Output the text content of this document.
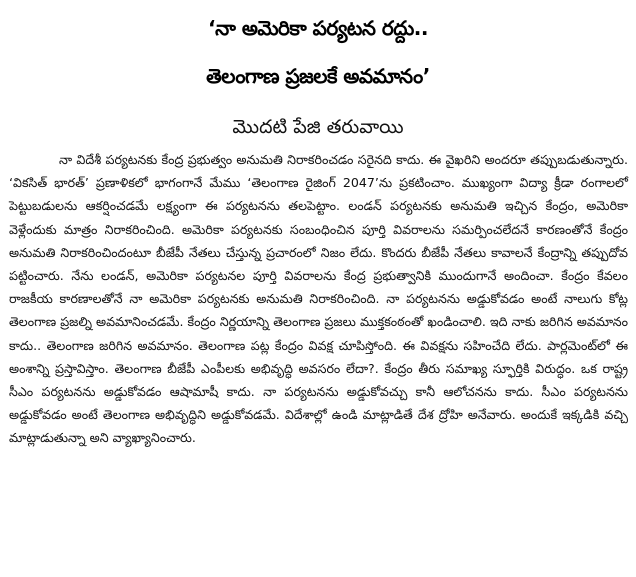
‘నా అమెరికా పర్యటన రద్దు..
తెలంగాణ ప్రజలకే అవమానం’
మొదటి పేజి తరువాయి

నా విదేశీ పర్యటనకు కేంద్ర ప్రభుత్వం అనుమతి నిరాకరించడం సరైనది కాదు. ఈ వైఖరిని అందరూ తప్పుబడుతున్నారు. ‘వికసిత్ భారత్’ ప్రణాళికలో భాగంగానే మేము ‘తెలంగాణ రైజింగ్ 2047’ను ప్రకటించాం. ముఖ్యంగా విద్యా క్రీడా రంగాలలో పెట్టుబడులను ఆకర్షించడమే లక్ష్యంగా ఈ పర్యటనను తలపెట్టాం. లండన్ పర్యటనకు అనుమతి ఇచ్చిన కేంద్రం, అమెరికా వెళ్లేందుకు మాత్రం నిరాకరించింది. అమెరికా పర్యటనకు సంబంధించిన పూర్తి వివరాలను సమర్పించలేదనే కారణంతోనే కేంద్రం అనుమతి నిరాకరించిందంటూ బీజేపీ నేతలు చేస్తున్న ప్రచారంలో నిజం లేదు. కొందరు బీజేపీ నేతలు కావాలనే కేంద్రాన్ని తప్పుదోవ పట్టించారు. నేను లండన్, అమెరికా పర్యటనల పూర్తి వివరాలను కేంద్ర ప్రభుత్వానికి ముందుగానే అందించా. కేంద్రం కేవలం రాజకీయ కారణాలతోనే నా అమెరికా పర్యటనకు అనుమతి నిరాకరించింది. నా పర్యటనను అడ్డుకోవడం అంటే నాలుగు కోట్ల తెలంగాణ ప్రజల్ని అవమానించడమే. కేంద్రం నిర్ణయాన్ని తెలంగాణ ప్రజలు ముక్తకంఠంతో ఖండించాలి. ఇది నాకు జరిగిన అవమానం కాదు.. తెలంగాణ జరిగిన అవమానం. తెలంగాణ పట్ల కేంద్రం వివక్ష చూపిస్తోంది. ఈ వివక్షను సహించేది లేదు. పార్లమెంట్‌లో ఈ అంశాన్ని ప్రస్తావిస్తాం. తెలంగాణ బీజేపీ ఎంపీలకు అభివృద్ధి అవసరం లేదా?. కేంద్రం తీరు సమాఖ్య స్ఫూర్తికి విరుద్ధం. ఒక రాష్ట్ర సీఎం పర్యటనను అడ్డుకోవడం ఆషామాషీ కాదు. నా పర్యటనను అడ్డుకోవచ్చు కానీ ఆలోచనను కాదు. సీఎం పర్యటనను అడ్డుకోవడం అంటే తెలంగాణ అభివృద్ధిని అడ్డుకోవడమే. విదేశాల్లో ఉండి మాట్లాడితే దేశ ద్రోహి అనేవారు. అందుకే ఇక్కడికి వచ్చి మాట్లాడుతున్నా అని వ్యాఖ్యానించారు.
